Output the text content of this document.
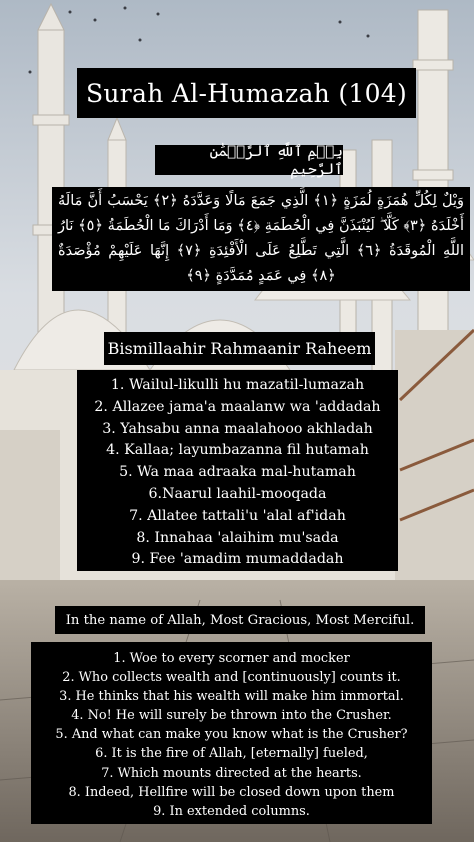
Surah Al-Humazah (104)
بِسۡمِ ٱللَّهِ ٱلرَّحۡمَٰنِ ٱلرَّحِيمِ
وَيْلٌ لِكُلِّ هُمَزَةٍ لُمَزَةٍ ﴿١﴾ الَّذِي جَمَعَ مَالًا وَعَدَّدَهُ ﴿٢﴾ يَحْسَبُ أَنَّ مَالَهُ أَخْلَدَهُ ﴿٣﴾ كَلَّا ۖ لَيُنْبَذَنَّ فِي الْحُطَمَةِ ﴿٤﴾ وَمَا أَدْرَاكَ مَا الْحُطَمَةُ ﴿٥﴾ نَارُ اللَّهِ الْمُوقَدَةُ ﴿٦﴾ الَّتِي تَطَّلِعُ عَلَى الْأَفْئِدَةِ ﴿٧﴾ إِنَّهَا عَلَيْهِمْ مُؤْصَدَةٌ ﴿٨﴾ فِي عَمَدٍ مُمَدَّدَةٍ ﴿٩﴾
Bismillaahir Rahmaanir Raheem
1. Wailul-likulli hu mazatil-lumazah
2. Allazee jama'a maalanw wa 'addadah
3. Yahsabu anna maalahooo akhladah
4. Kallaa; layumbazanna fil hutamah
5. Wa maa adraaka mal-hutamah
6.Naarul laahil-mooqada
7. Allatee tattali'u 'alal af'idah
8. Innahaa 'alaihim mu'sada
9. Fee 'amadim mumaddadah
In the name of Allah, Most Gracious, Most Merciful.
1. Woe to every scorner and mocker
2. Who collects wealth and [continuously] counts it.
3. He thinks that his wealth will make him immortal.
4. No! He will surely be thrown into the Crusher.
5. And what can make you know what is the Crusher?
6. It is the fire of Allah, [eternally] fueled,
7. Which mounts directed at the hearts.
8. Indeed, Hellfire will be closed down upon them
9. In extended columns.
